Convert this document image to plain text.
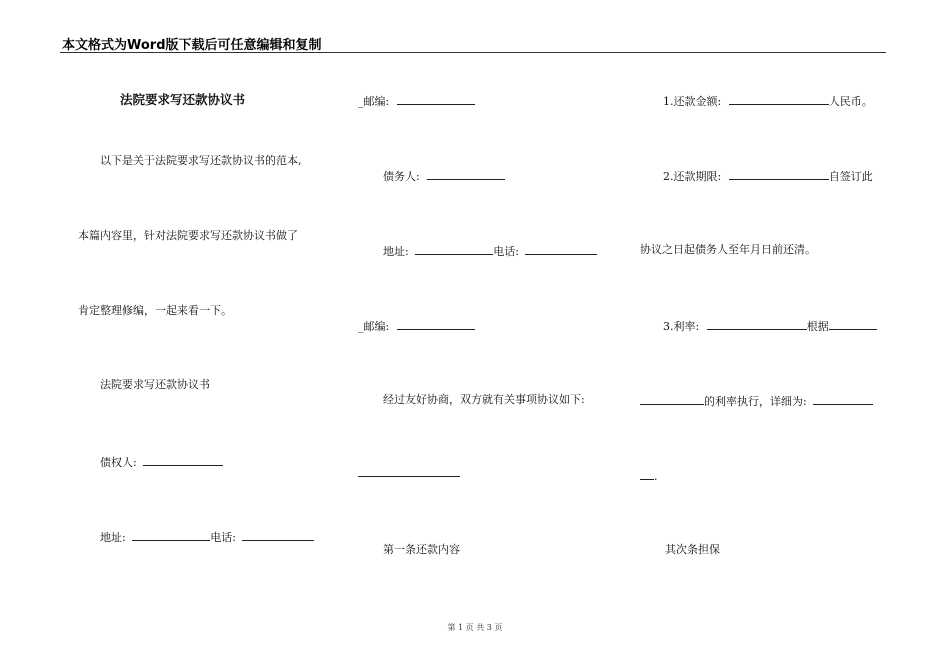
本文格式为Word版下载后可任意编辑和复制
法院要求写还款协议书
以下是关于法院要求写还款协议书的范本,
本篇内容里，针对法院要求写还款协议书做了
肯定整理修编，一起来看一下。
法院要求写还款协议书
债权人:
地址:	电话:
_邮编:
债务人:
地址:	电话:
_邮编:
经过友好协商，双方就有关事项协议如下:
第一条还款内容
1.还款金额:	人民币。
2.还款期限:	自签订此
协议之日起债务人至年月日前还清。
3.利率:	根据
的利率执行，详细为:
.
其次条担保
第 1 页 共 3 页
